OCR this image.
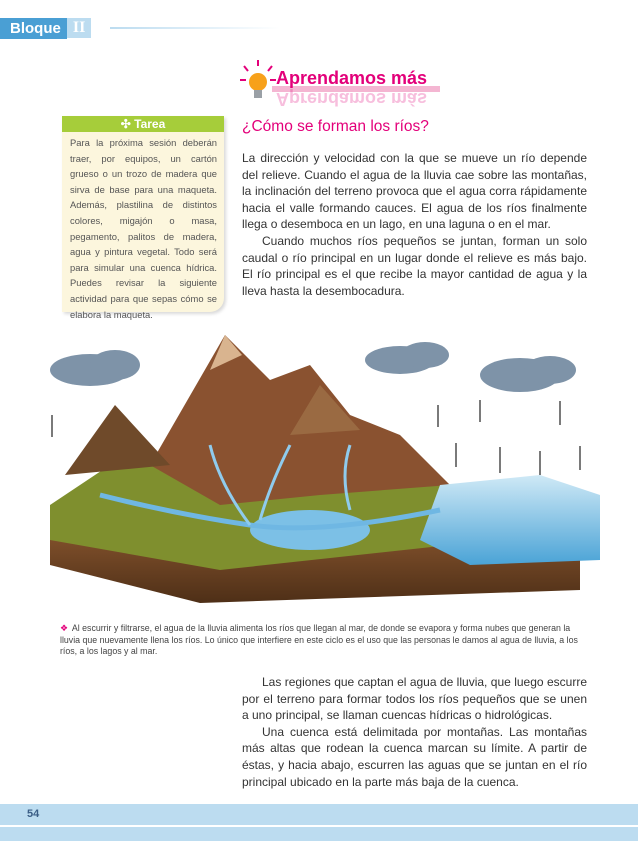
Bloque II
Aprendamos más
Aprendamos más
✣ Tarea
Para la próxima sesión deberán traer, por equipos, un cartón grueso o un trozo de madera que sirva de base para una maqueta. Además, plastilina de distintos colores, migajón o masa, pegamento, palitos de madera, agua y pintura vegetal. Todo será para simular una cuenca hídrica. Puedes revisar la siguiente actividad para que sepas cómo se elabora la maqueta.
¿Cómo se forman los ríos?

La dirección y velocidad con la que se mueve un río depende del relieve. Cuando el agua de la lluvia cae sobre las montañas, la inclinación del terreno provoca que el agua corra rápidamente hacia el valle formando cauces. El agua de los ríos finalmente llega o desemboca en un lago, en una laguna o en el mar.

Cuando muchos ríos pequeños se juntan, forman un solo caudal o río principal en un lugar donde el relieve es más bajo. El río principal es el que recibe la mayor cantidad de agua y la lleva hasta la desembocadura.

❖ Al escurrir y filtrarse, el agua de la lluvia alimenta los ríos que llegan al mar, de donde se evapora y forma nubes que generan la lluvia que nuevamente llena los ríos. Lo único que interfiere en este ciclo es el uso que las personas le damos al agua de lluvia, a los ríos, a los lagos y al mar.

Las regiones que captan el agua de lluvia, que luego escurre por el terreno para formar todos los ríos pequeños que se unen a uno principal, se llaman cuencas hídricas o hidrológicas.

Una cuenca está delimitada por montañas. Las montañas más altas que rodean la cuenca marcan su límite. A partir de éstas, y hacia abajo, escurren las aguas que se juntan en el río principal ubicado en la parte más baja de la cuenca.

54
